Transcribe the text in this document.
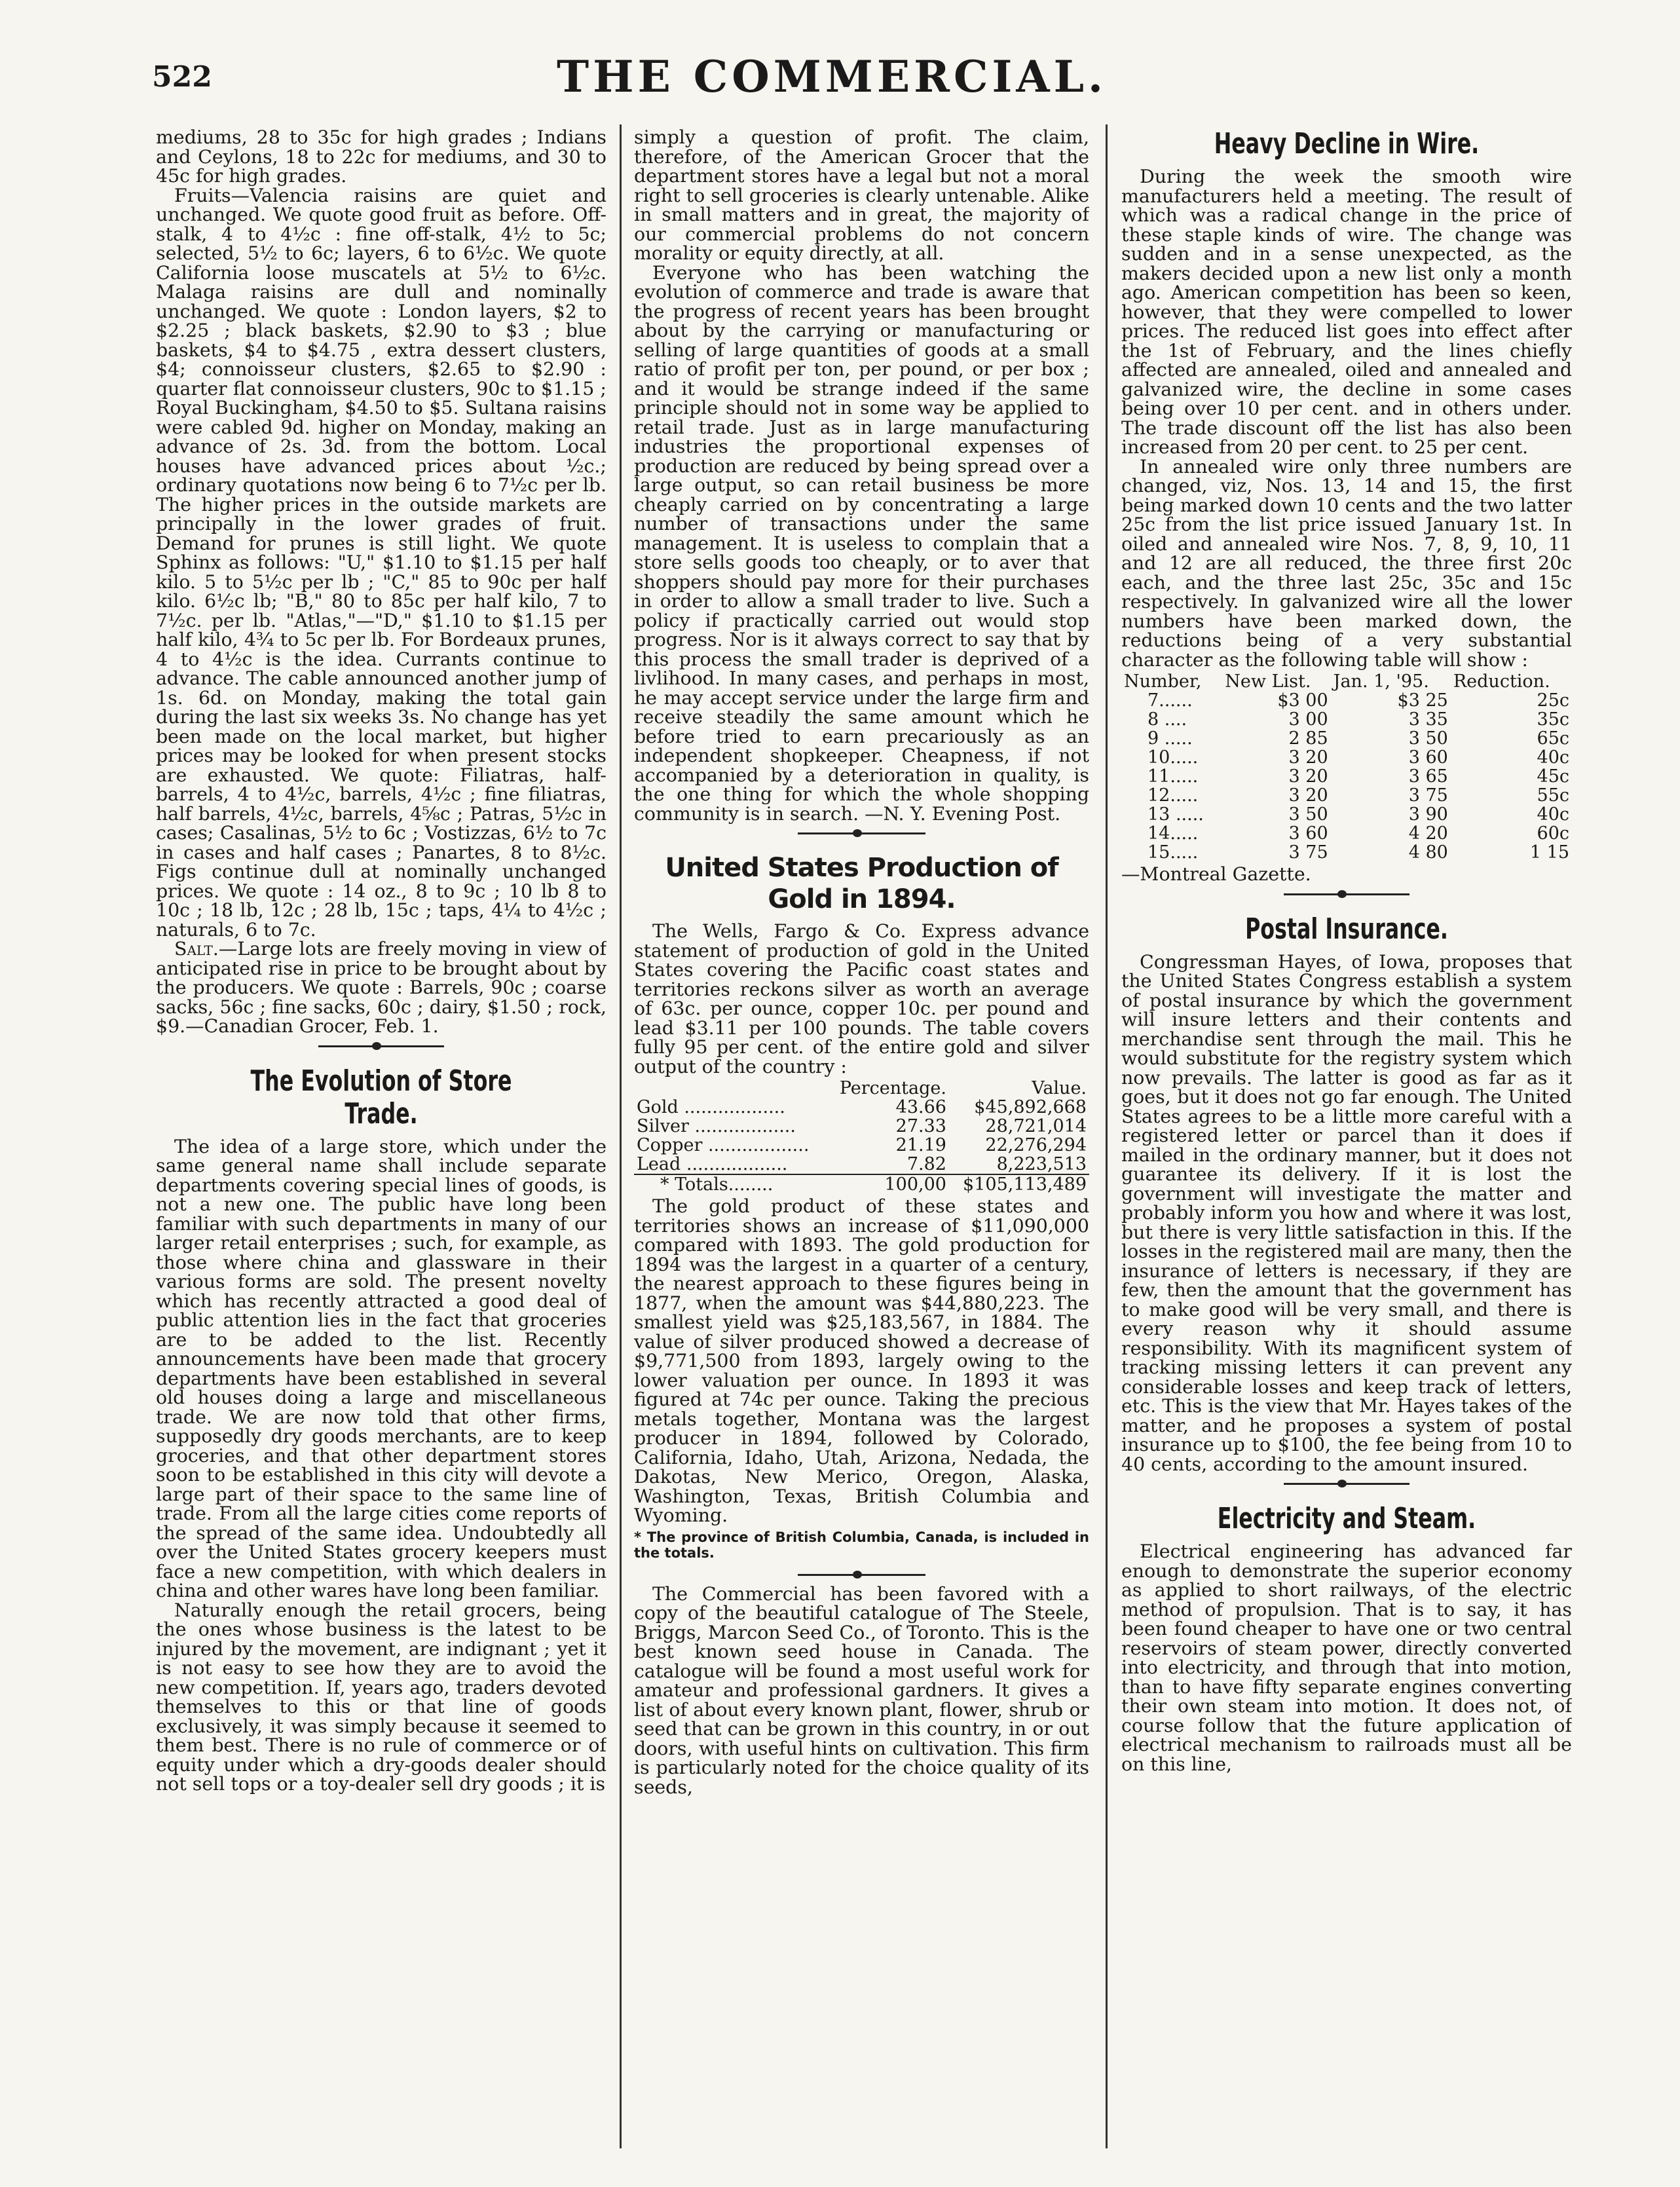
522	THE COMMERCIAL.

mediums, 28 to 35c for high grades ; Indians and Ceylons, 18 to 22c for mediums, and 30 to 45c for high grades.

Fruits—Valencia raisins are quiet and unchanged. We quote good fruit as before. Off-stalk, 4 to 4½c : fine off-stalk, 4½ to 5c; selected, 5½ to 6c; layers, 6 to 6½c. We quote California loose muscatels at 5½ to 6½c. Malaga raisins are dull and nominally unchanged. We quote : London layers, $2 to $2.25 ; black baskets, $2.90 to $3 ; blue baskets, $4 to $4.75 , extra dessert clusters, $4; connoisseur clusters, $2.65 to $2.90 : quarter flat connoisseur clusters, 90c to $1.15 ; Royal Buckingham, $4.50 to $5. Sultana raisins were cabled 9d. higher on Monday, making an advance of 2s. 3d. from the bottom. Local houses have advanced prices about ½c.; ordinary quotations now being 6 to 7½c per lb. The higher prices in the outside markets are principally in the lower grades of fruit. Demand for prunes is still light. We quote Sphinx as follows: "U," $1.10 to $1.15 per half kilo. 5 to 5½c per lb ; "C," 85 to 90c per half kilo. 6½c lb; "B," 80 to 85c per half kilo, 7 to 7½c. per lb. "Atlas,"—"D," $1.10 to $1.15 per half kilo, 4¾ to 5c per lb. For Bordeaux prunes, 4 to 4½c is the idea. Currants continue to advance. The cable announced another jump of 1s. 6d. on Monday, making the total gain during the last six weeks 3s. No change has yet been made on the local market, but higher prices may be looked for when present stocks are exhausted. We quote: Filiatras, half-barrels, 4 to 4½c, barrels, 4½c ; fine filiatras, half barrels, 4½c, barrels, 4⅝c ; Patras, 5½c in cases; Casalinas, 5½ to 6c ; Vostizzas, 6½ to 7c in cases and half cases ; Panartes, 8 to 8½c. Figs continue dull at nominally unchanged prices. We quote : 14 oz., 8 to 9c ; 10 lb 8 to 10c ; 18 lb, 12c ; 28 lb, 15c ; taps, 4¼ to 4½c ; naturals, 6 to 7c.

Salt.—Large lots are freely moving in view of anticipated rise in price to be brought about by the producers. We quote : Barrels, 90c ; coarse sacks, 56c ; fine sacks, 60c ; dairy, $1.50 ; rock, $9.—Canadian Grocer, Feb. 1.

The Evolution of Store Trade.

The idea of a large store, which under the same general name shall include separate departments covering special lines of goods, is not a new one. The public have long been familiar with such departments in many of our larger retail enterprises ; such, for example, as those where china and glassware in their various forms are sold. The present novelty which has recently attracted a good deal of public attention lies in the fact that groceries are to be added to the list. Recently announcements have been made that grocery departments have been established in several old houses doing a large and miscellaneous trade. We are now told that other firms, supposedly dry goods merchants, are to keep groceries, and that other department stores soon to be established in this city will devote a large part of their space to the same line of trade. From all the large cities come reports of the spread of the same idea. Undoubtedly all over the United States grocery keepers must face a new competition, with which dealers in china and other wares have long been familiar.

Naturally enough the retail grocers, being the ones whose business is the latest to be injured by the movement, are indignant ; yet it is not easy to see how they are to avoid the new competition. If, years ago, traders devoted themselves to this or that line of goods exclusively, it was simply because it seemed to them best. There is no rule of commerce or of equity under which a dry-goods dealer should not sell tops or a toy-dealer sell dry goods ; it is

simply a question of profit. The claim, therefore, of the American Grocer that the department stores have a legal but not a moral right to sell groceries is clearly untenable. Alike in small matters and in great, the majority of our commercial problems do not concern morality or equity directly, at all.

Everyone who has been watching the evolution of commerce and trade is aware that the progress of recent years has been brought about by the carrying or manufacturing or selling of large quantities of goods at a small ratio of profit per ton, per pound, or per box ; and it would be strange indeed if the same principle should not in some way be applied to retail trade. Just as in large manufacturing industries the proportional expenses of production are reduced by being spread over a large output, so can retail business be more cheaply carried on by concentrating a large number of transactions under the same management. It is useless to complain that a store sells goods too cheaply, or to aver that shoppers should pay more for their purchases in order to allow a small trader to live. Such a policy if practically carried out would stop progress. Nor is it always correct to say that by this process the small trader is deprived of a livlihood. In many cases, and perhaps in most, he may accept service under the large firm and receive steadily the same amount which he before tried to earn precariously as an independent shopkeeper. Cheapness, if not accompanied by a deterioration in quality, is the one thing for which the whole shopping community is in search. —N. Y. Evening Post.

United States Production of Gold in 1894.

The Wells, Fargo & Co. Express advance statement of production of gold in the United States covering the Pacific coast states and territories reckons silver as worth an average of 63c. per ounce, copper 10c. per pound and lead $3.11 per 100 pounds. The table covers fully 95 per cent. of the entire gold and silver output of the country :

	Percentage.	Value.
Gold ..................	43.66	$45,892,668
Silver ..................	27.33	28,721,014
Copper ..................	21.19	22,276,294
Lead ..................	7.82	8,223,513
* Totals........	100,00	$105,113,489

The gold product of these states and territories shows an increase of $11,090,000 compared with 1893. The gold production for 1894 was the largest in a quarter of a century, the nearest approach to these figures being in 1877, when the amount was $44,880,223. The smallest yield was $25,183,567, in 1884. The value of silver produced showed a decrease of $9,771,500 from 1893, largely owing to the lower valuation per ounce. In 1893 it was figured at 74c per ounce. Taking the precious metals together, Montana was the largest producer in 1894, followed by Colorado, California, Idaho, Utah, Arizona, Nedada, the Dakotas, New Merico, Oregon, Alaska, Washington, Texas, British Columbia and Wyoming.

* The province of British Columbia, Canada, is included in the totals.

The Commercial has been favored with a copy of the beautiful catalogue of The Steele, Briggs, Marcon Seed Co., of Toronto. This is the best known seed house in Canada. The catalogue will be found a most useful work for amateur and professional gardners. It gives a list of about every known plant, flower, shrub or seed that can be grown in this country, in or out doors, with useful hints on cultivation. This firm is particularly noted for the choice quality of its seeds,

Heavy Decline in Wire.

During the week the smooth wire manufacturers held a meeting. The result of which was a radical change in the price of these staple kinds of wire. The change was sudden and in a sense unexpected, as the makers decided upon a new list only a month ago. American competition has been so keen, however, that they were compelled to lower prices. The reduced list goes into effect after the 1st of February, and the lines chiefly affected are annealed, oiled and annealed and galvanized wire, the decline in some cases being over 10 per cent. and in others under. The trade discount off the list has also been increased from 20 per cent. to 25 per cent.

In annealed wire only three numbers are changed, viz, Nos. 13, 14 and 15, the first being marked down 10 cents and the two latter 25c from the list price issued January 1st. In oiled and annealed wire Nos. 7, 8, 9, 10, 11 and 12 are all reduced, the three first 20c each, and the three last 25c, 35c and 15c respectively. In galvanized wire all the lower numbers have been marked down, the reductions being of a very substantial character as the following table will show :

Number,	New List.	Jan. 1, '95.	Reduction.
7......	$3 00	$3 25	25c
8 ....	3 00	3 35	35c
9 .....	2 85	3 50	65c
10.....	3 20	3 60	40c
11.....	3 20	3 65	45c
12.....	3 20	3 75	55c
13 .....	3 50	3 90	40c
14.....	3 60	4 20	60c
15.....	3 75	4 80	1 15

—Montreal Gazette.

Postal Insurance.

Congressman Hayes, of Iowa, proposes that the United States Congress establish a system of postal insurance by which the government will insure letters and their contents and merchandise sent through the mail. This he would substitute for the registry system which now prevails. The latter is good as far as it goes, but it does not go far enough. The United States agrees to be a little more careful with a registered letter or parcel than it does if mailed in the ordinary manner, but it does not guarantee its delivery. If it is lost the government will investigate the matter and probably inform you how and where it was lost, but there is very little satisfaction in this. If the losses in the registered mail are many, then the insurance of letters is necessary, if they are few, then the amount that the government has to make good will be very small, and there is every reason why it should assume responsibility. With its magnificent system of tracking missing letters it can prevent any considerable losses and keep track of letters, etc. This is the view that Mr. Hayes takes of the matter, and he proposes a system of postal insurance up to $100, the fee being from 10 to 40 cents, according to the amount insured.

Electricity and Steam.

Electrical engineering has advanced far enough to demonstrate the superior economy as applied to short railways, of the electric method of propulsion. That is to say, it has been found cheaper to have one or two central reservoirs of steam power, directly converted into electricity, and through that into motion, than to have fifty separate engines converting their own steam into motion. It does not, of course follow that the future application of electrical mechanism to railroads must all be on this line,
